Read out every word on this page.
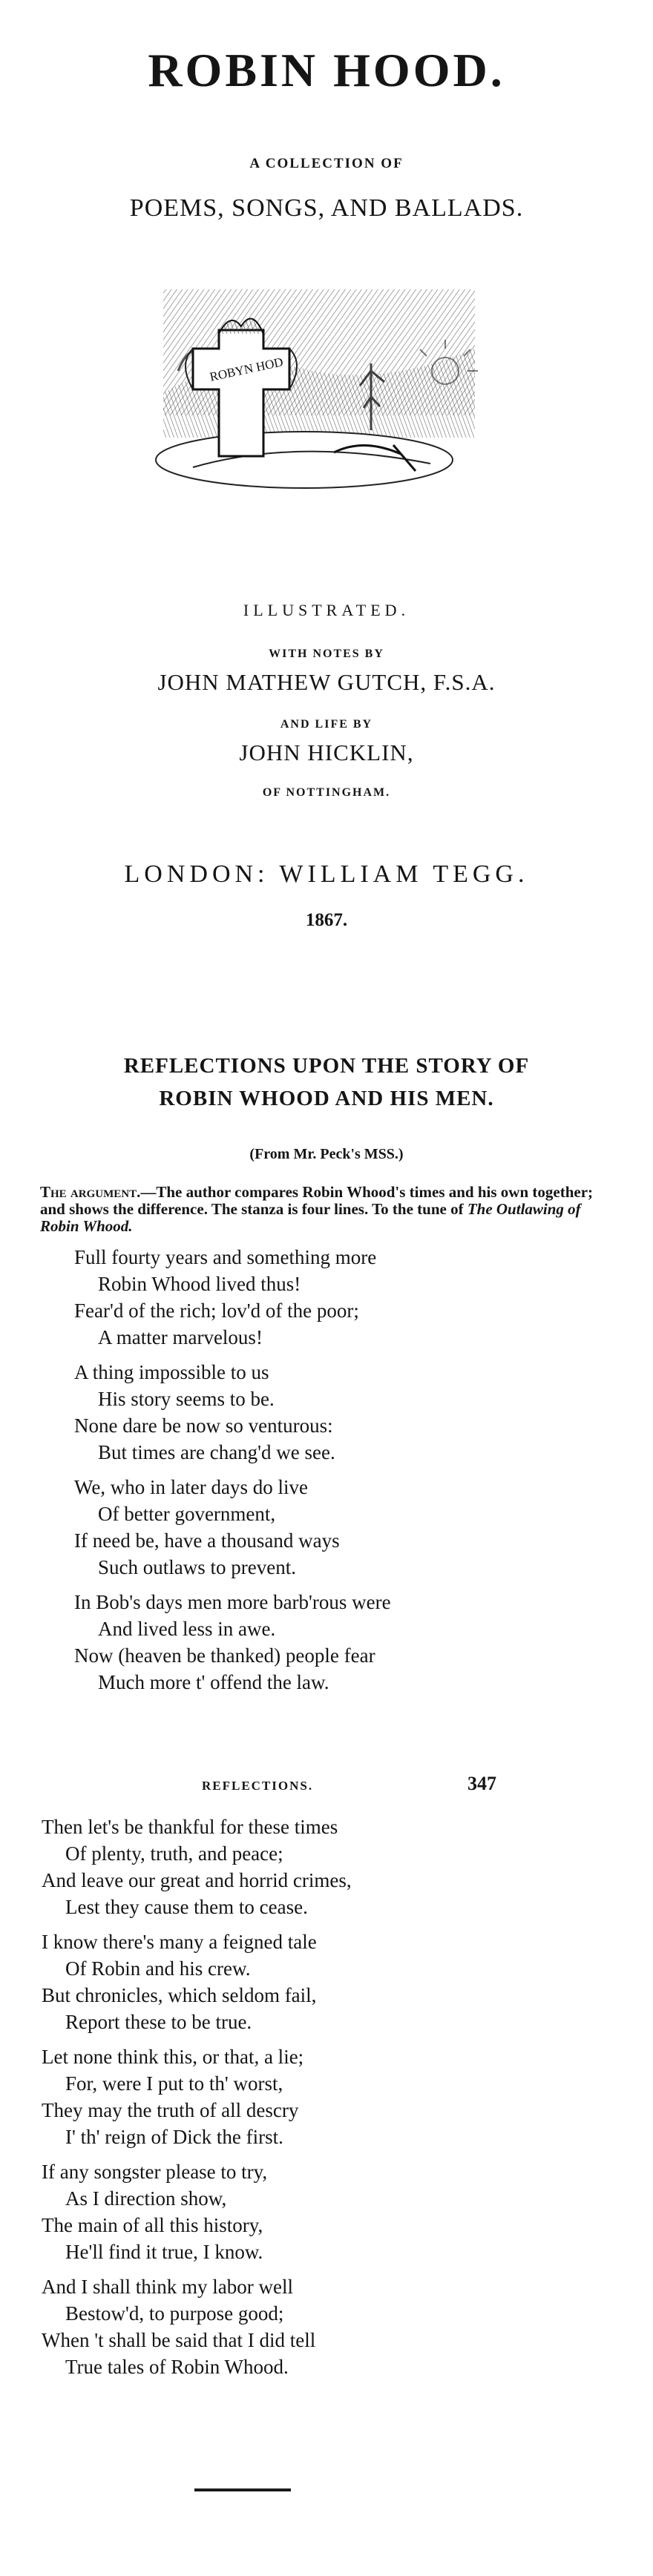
ROBIN HOOD.
A COLLECTION OF
POEMS, SONGS, AND BALLADS.
ROBYN HOD
ILLUSTRATED.
WITH NOTES BY
JOHN MATHEW GUTCH, F.S.A.
AND LIFE BY
JOHN HICKLIN,
OF NOTTINGHAM.
LONDON: WILLIAM TEGG.
1867.
REFLECTIONS UPON THE STORY OF
ROBIN WHOOD AND HIS MEN.
(From Mr. Peck's MSS.)
The argument.—The author compares Robin Whood's times and his own together; and shows the difference. The stanza is four lines. To the tune of The Outlawing of Robin Whood.
Full fourty years and something more
Robin Whood lived thus!
Fear'd of the rich; lov'd of the poor;
A matter marvelous!
A thing impossible to us
His story seems to be.
None dare be now so venturous:
But times are chang'd we see.
We, who in later days do live
Of better government,
If need be, have a thousand ways
Such outlaws to prevent.
In Bob's days men more barb'rous were
And lived less in awe.
Now (heaven be thanked) people fear
Much more t' offend the law.
REFLECTIONS.	347
Then let's be thankful for these times
Of plenty, truth, and peace;
And leave our great and horrid crimes,
Lest they cause them to cease.
I know there's many a feigned tale
Of Robin and his crew.
But chronicles, which seldom fail,
Report these to be true.
Let none think this, or that, a lie;
For, were I put to th' worst,
They may the truth of all descry
I' th' reign of Dick the first.
If any songster please to try,
As I direction show,
The main of all this history,
He'll find it true, I know.
And I shall think my labor well
Bestow'd, to purpose good;
When 't shall be said that I did tell
True tales of Robin Whood.
